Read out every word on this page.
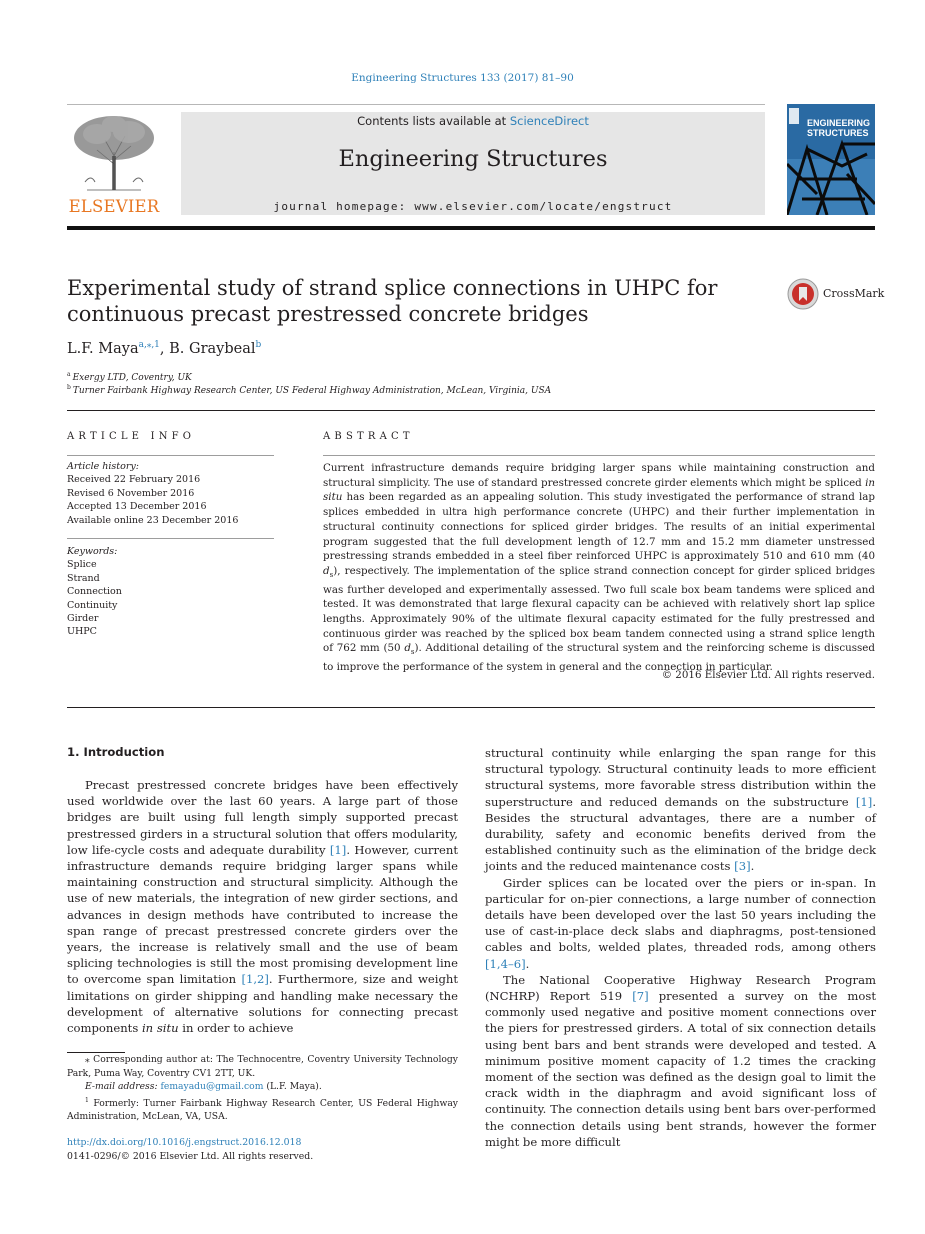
Engineering Structures 133 (2017) 81–90
ELSEVIER
Contents lists available at ScienceDirect
Engineering Structures
journal homepage: www.elsevier.com/locate/engstruct
ENGINEERING
STRUCTURES
Experimental study of strand splice connections in UHPC for continuous precast prestressed concrete bridges
CrossMark
L.F. Maya$^{a,⁎,1}$, B. Graybeal$^b$
$^a$ Exergy LTD, Coventry, UK
$^b$ Turner Fairbank Highway Research Center, US Federal Highway Administration, McLean, Virginia, USA
ARTICLE INFO
Article history:
Received 22 February 2016
Revised 6 November 2016
Accepted 13 December 2016
Available online 23 December 2016
Keywords:
Splice
Strand
Connection
Continuity
Girder
UHPC
ABSTRACT
Current infrastructure demands require bridging larger spans while maintaining construction and structural simplicity. The use of standard prestressed concrete girder elements which might be spliced in situ has been regarded as an appealing solution. This study investigated the performance of strand lap splices embedded in ultra high performance concrete (UHPC) and their further implementation in structural continuity connections for spliced girder bridges. The results of an initial experimental program suggested that the full development length of 12.7 mm and 15.2 mm diameter unstressed prestressing strands embedded in a steel fiber reinforced UHPC is approximately 510 and 610 mm (40 $d_s$), respectively. The implementation of the splice strand connection concept for girder spliced bridges was further developed and experimentally assessed. Two full scale box beam tandems were spliced and tested. It was demonstrated that large flexural capacity can be achieved with relatively short lap splice lengths. Approximately 90% of the ultimate flexural capacity estimated for the fully prestressed and continuous girder was reached by the spliced box beam tandem connected using a strand splice length of 762 mm (50 $d_s$). Additional detailing of the structural system and the reinforcing scheme is discussed to improve the performance of the system in general and the connection in particular.
© 2016 Elsevier Ltd. All rights reserved.
1. Introduction

Precast prestressed concrete bridges have been effectively used worldwide over the last 60 years. A large part of those bridges are built using full length simply supported precast prestressed girders in a structural solution that offers modularity, low life-cycle costs and adequate durability [1]. However, current infrastructure demands require bridging larger spans while maintaining construction and structural simplicity. Although the use of new materials, the integration of new girder sections, and advances in design methods have contributed to increase the span range of precast prestressed concrete girders over the years, the increase is relatively small and the use of beam splicing technologies is still the most promising development line to overcome span limitation [1,2]. Furthermore, size and weight limitations on girder shipping and handling make necessary the development of alternative solutions for connecting precast components in situ in order to achieve

structural continuity while enlarging the span range for this structural typology. Structural continuity leads to more efficient structural systems, more favorable stress distribution within the superstructure and reduced demands on the substructure [1]. Besides the structural advantages, there are a number of durability, safety and economic benefits derived from the established continuity such as the elimination of the bridge deck joints and the reduced maintenance costs [3].

Girder splices can be located over the piers or in-span. In particular for on-pier connections, a large number of connection details have been developed over the last 50 years including the use of cast-in-place deck slabs and diaphragms, post-tensioned cables and bolts, welded plates, threaded rods, among others [1,4–6].

The National Cooperative Highway Research Program (NCHRP) Report 519 [7] presented a survey on the most commonly used negative and positive moment connections over the piers for prestressed girders. A total of six connection details using bent bars and bent strands were developed and tested. A minimum positive moment capacity of 1.2 times the cracking moment of the section was defined as the design goal to limit the crack width in the diaphragm and avoid significant loss of continuity. The connection details using bent bars over-performed the connection details using bent strands, however the former might be more difficult

⁎ Corresponding author at: The Technocentre, Coventry University Technology Park, Puma Way, Coventry CV1 2TT, UK.
E-mail address: femayadu@gmail.com (L.F. Maya).
$^1$ Formerly: Turner Fairbank Highway Research Center, US Federal Highway Administration, McLean, VA, USA.
http://dx.doi.org/10.1016/j.engstruct.2016.12.018
0141-0296/© 2016 Elsevier Ltd. All rights reserved.
